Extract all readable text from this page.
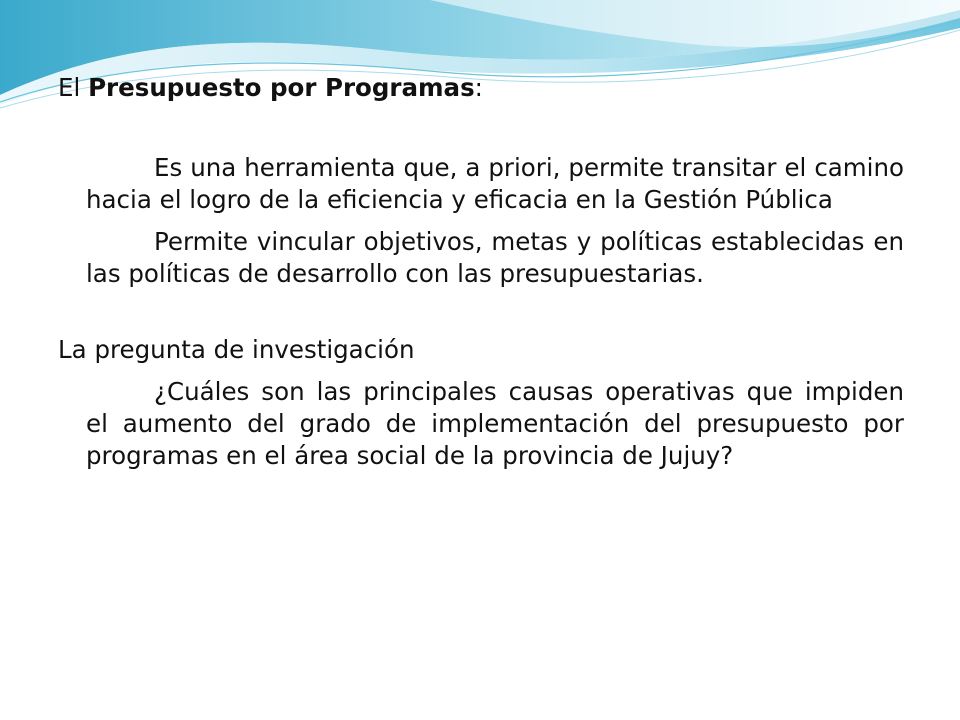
El Presupuesto por Programas:

Es una herramienta que, a priori, permite transitar el camino hacia el logro de la eficiencia y eficacia en la Gestión Pública

Permite vincular objetivos, metas y políticas establecidas en las políticas de desarrollo con las presupuestarias.

La pregunta de investigación

¿Cuáles son las principales causas operativas que impiden el aumento del grado de implementación del presupuesto por programas en el área social de la provincia de Jujuy?
